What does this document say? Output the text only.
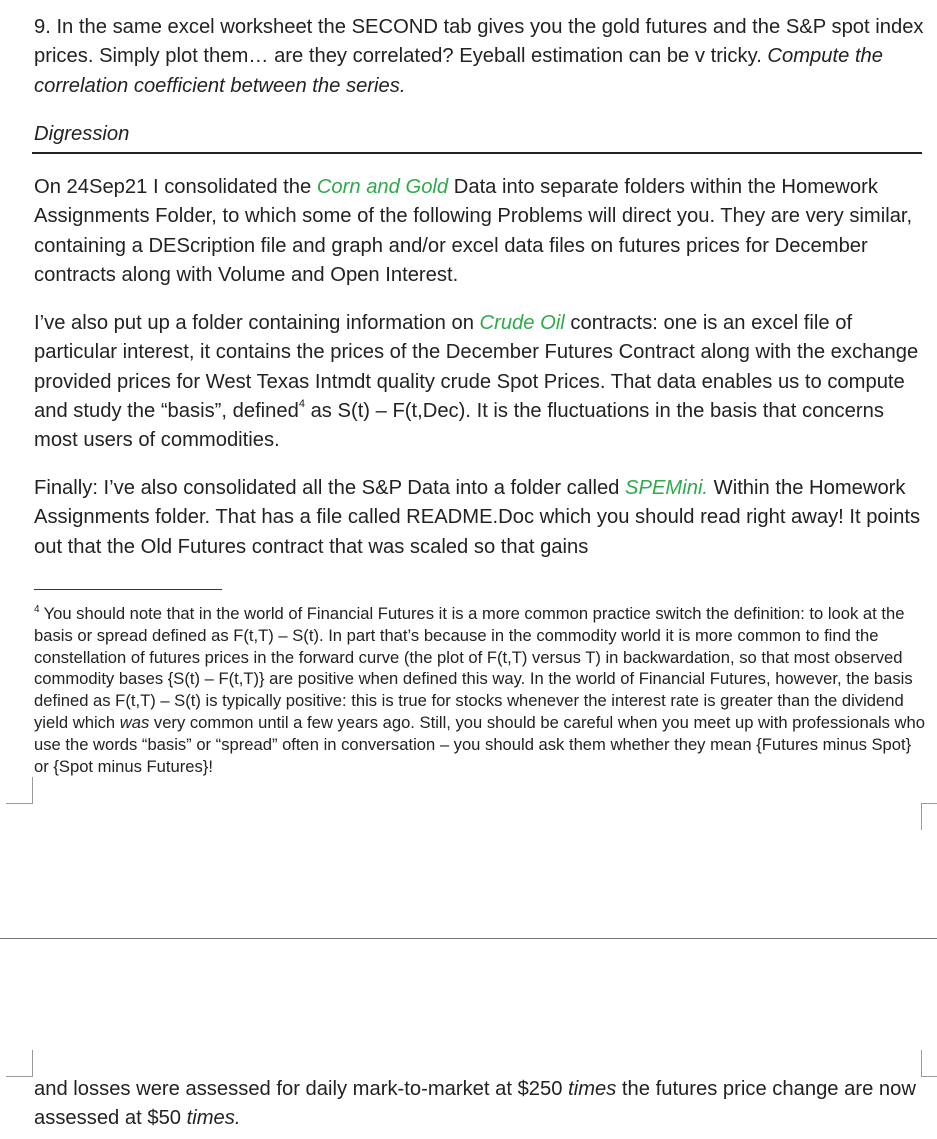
9. In the same excel worksheet the SECOND tab gives you the gold futures and the S&P spot index prices. Simply plot them… are they correlated? Eyeball estimation can be v tricky. Compute the correlation coefficient between the series.

Digression

On 24Sep21 I consolidated the Corn and Gold Data into separate folders within the Homework Assignments Folder, to which some of the following Problems will direct you. They are very similar, containing a DEScription file and graph and/or excel data files on futures prices for December contracts along with Volume and Open Interest.

I’ve also put up a folder containing information on Crude Oil contracts: one is an excel file of particular interest, it contains the prices of the December Futures Contract along with the exchange provided prices for West Texas Intmdt quality crude Spot Prices. That data enables us to compute and study the “basis”, defined$^4$ as S(t) – F(t,Dec). It is the fluctuations in the basis that concerns most users of commodities.

Finally: I’ve also consolidated all the S&P Data into a folder called SPEMini. Within the Homework Assignments folder. That has a file called README.Doc which you should read right away! It points out that the Old Futures contract that was scaled so that gains

$^4$ You should note that in the world of Financial Futures it is a more common practice switch the definition: to look at the basis or spread defined as F(t,T) – S(t). In part that’s because in the commodity world it is more common to find the constellation of futures prices in the forward curve (the plot of F(t,T) versus T) in backwardation, so that most observed commodity bases {S(t) – F(t,T)} are positive when defined this way. In the world of Financial Futures, however, the basis defined as F(t,T) – S(t) is typically positive: this is true for stocks whenever the interest rate is greater than the dividend yield which was very common until a few years ago. Still, you should be careful when you meet up with professionals who use the words “basis” or “spread” often in conversation – you should ask them whether they mean {Futures minus Spot} or {Spot minus Futures}!

and losses were assessed for daily mark-to-market at $250 times the futures price change are now assessed at $50 times.
